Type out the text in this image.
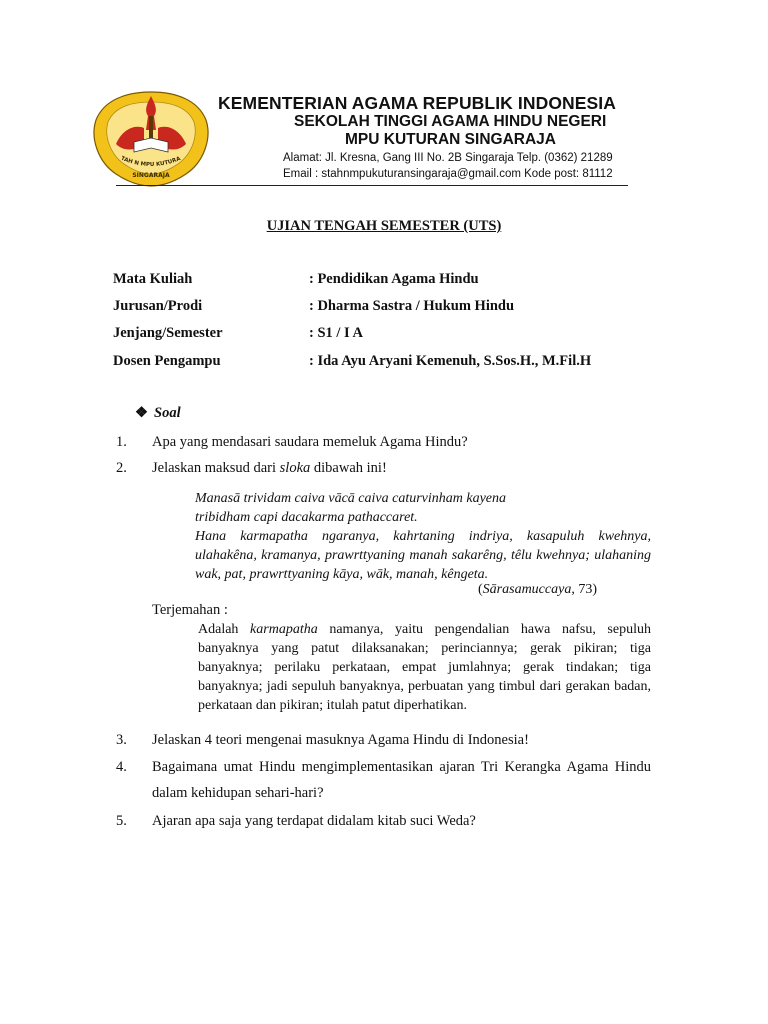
TAH N MPU KUTURA
SINGARAJA
KEMENTERIAN AGAMA REPUBLIK INDONESIA
SEKOLAH TINGGI AGAMA HINDU NEGERI
MPU KUTURAN SINGARAJA
Alamat: Jl. Kresna, Gang III No. 2B Singaraja Telp. (0362) 21289
Email : stahnmpukuturansingaraja@gmail.com Kode post: 81112
UJIAN TENGAH SEMESTER (UTS)
Mata Kuliah	: Pendidikan Agama Hindu
Jurusan/Prodi	: Dharma Sastra / Hukum Hindu
Jenjang/Semester	: S1 / I A
Dosen Pengampu	: Ida Ayu Aryani Kemenuh, S.Sos.H., M.Fil.H
❖ Soal
1. Apa yang mendasari saudara memeluk Agama Hindu?
2. Jelaskan maksud dari sloka dibawah ini!
Manasā trividam caiva vācā caiva caturvinham kayena
tribidham capi dacakarma pathaccaret.
Hana karmapatha ngaranya, kahrtaning indriya, kasapuluh kwehnya,
ulahakêna, kramanya, prawrttyaning manah sakarêng, têlu kwehnya; ulahaning
wak, pat, prawrttyaning kāya, wāk, manah, kêngeta.
(Sārasamuccaya, 73)
Terjemahan :
Adalah karmapatha namanya, yaitu pengendalian hawa nafsu, sepuluh
banyaknya yang patut dilaksanakan; perinciannya; gerak pikiran; tiga
banyaknya; perilaku perkataan, empat jumlahnya; gerak tindakan; tiga
banyaknya; jadi sepuluh banyaknya, perbuatan yang timbul dari gerakan badan,
perkataan dan pikiran; itulah patut diperhatikan.
3. Jelaskan 4 teori mengenai masuknya Agama Hindu di Indonesia!
4. Bagaimana umat Hindu mengimplementasikan ajaran Tri Kerangka Agama Hindu
dalam kehidupan sehari-hari?
5. Ajaran apa saja yang terdapat didalam kitab suci Weda?
